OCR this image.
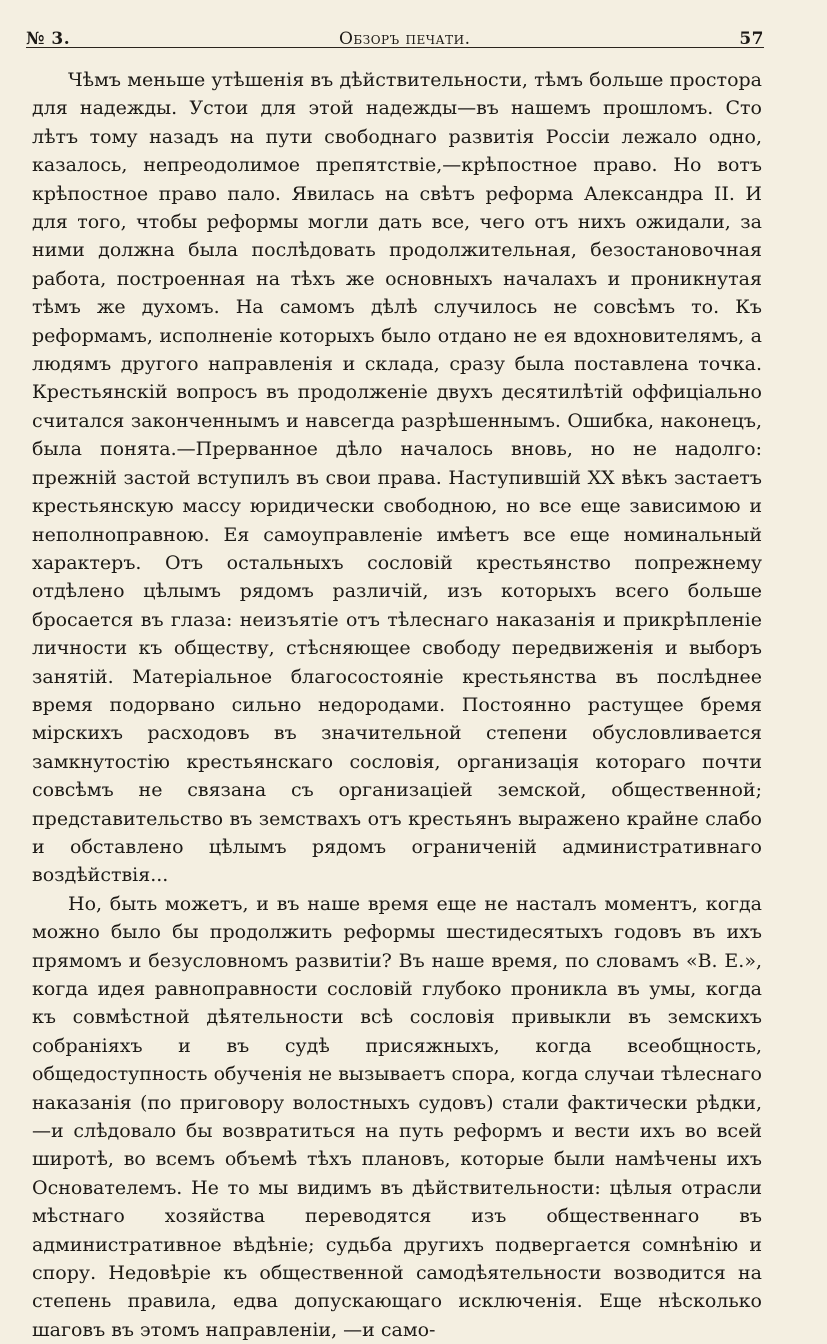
№ 3.	Обзоръ печати.	57

Чѣмъ меньше утѣшенія въ дѣйствительности, тѣмъ больше простора для надежды. Устои для этой надежды—въ нашемъ прошломъ. Сто лѣтъ тому назадъ на пути свободнаго развитія Россіи лежало одно, казалось, непреодолимое препятствіе,—крѣпостное право. Но вотъ крѣпостное право пало. Явилась на свѣтъ реформа Александра II. И для того, чтобы реформы могли дать все, чего отъ нихъ ожидали, за ними должна была послѣдовать продолжительная, безостановочная работа, построенная на тѣхъ же основныхъ началахъ и проникнутая тѣмъ же духомъ. На самомъ дѣлѣ случилось не совсѣмъ то. Къ реформамъ, исполненіе которыхъ было отдано не ея вдохновителямъ, а людямъ другого направленія и склада, сразу была поставлена точка. Крестьянскій вопросъ въ продолженіе двухъ десятилѣтій оффиціально считался законченнымъ и навсегда разрѣшеннымъ. Ошибка, наконецъ, была понята.—Прерванное дѣло началось вновь, но не надолго: прежній застой вступилъ въ свои права. Наступившій XX вѣкъ застаетъ крестьянскую массу юридически свободною, но все еще зависимою и неполноправною. Ея самоуправленіе имѣетъ все еще номинальный характеръ. Отъ остальныхъ сословій крестьянство попрежнему отдѣлено цѣлымъ рядомъ различій, изъ которыхъ всего больше бросается въ глаза: неизъятіе отъ тѣлеснаго наказанія и прикрѣпленіе личности къ обществу, стѣсняющее свободу передвиженія и выборъ занятій. Матеріальное благосостояніе крестьянства въ послѣднее время подорвано сильно недородами. Постоянно растущее бремя мірскихъ расходовъ въ значительной степени обусловливается замкнутостію крестьянскаго сословія, организація котораго почти совсѣмъ не связана съ организаціей земской, общественной; представительство въ земствахъ отъ крестьянъ выражено крайне слабо и обставлено цѣлымъ рядомъ ограниченій административнаго воздѣйствія...

Но, быть можетъ, и въ наше время еще не насталъ моментъ, когда можно было бы продолжить реформы шестидесятыхъ годовъ въ ихъ прямомъ и безусловномъ развитіи? Въ наше время, по словамъ «В. Е.», когда идея равноправности сословій глубоко проникла въ умы, когда къ совмѣстной дѣятельности всѣ сословія привыкли въ земскихъ собраніяхъ и въ судѣ присяжныхъ, когда всеобщность, общедоступность обученія не вызываетъ спора, когда случаи тѣлеснаго наказанія (по приговору волостныхъ судовъ) стали фактически рѣдки,—и слѣдовало бы возвратиться на путь реформъ и вести ихъ во всей широтѣ, во всемъ объемѣ тѣхъ плановъ, которые были намѣчены ихъ Основателемъ. Не то мы видимъ въ дѣйствительности: цѣлыя отрасли мѣстнаго хозяйства переводятся изъ общественнаго въ административное вѣдѣніе; судьба другихъ подвергается сомнѣнію и спору. Недовѣріе къ общественной самодѣятельности возводится на степень правила, едва допускающаго исключенія. Еще нѣсколько шаговъ въ этомъ направленіи, —и само-
